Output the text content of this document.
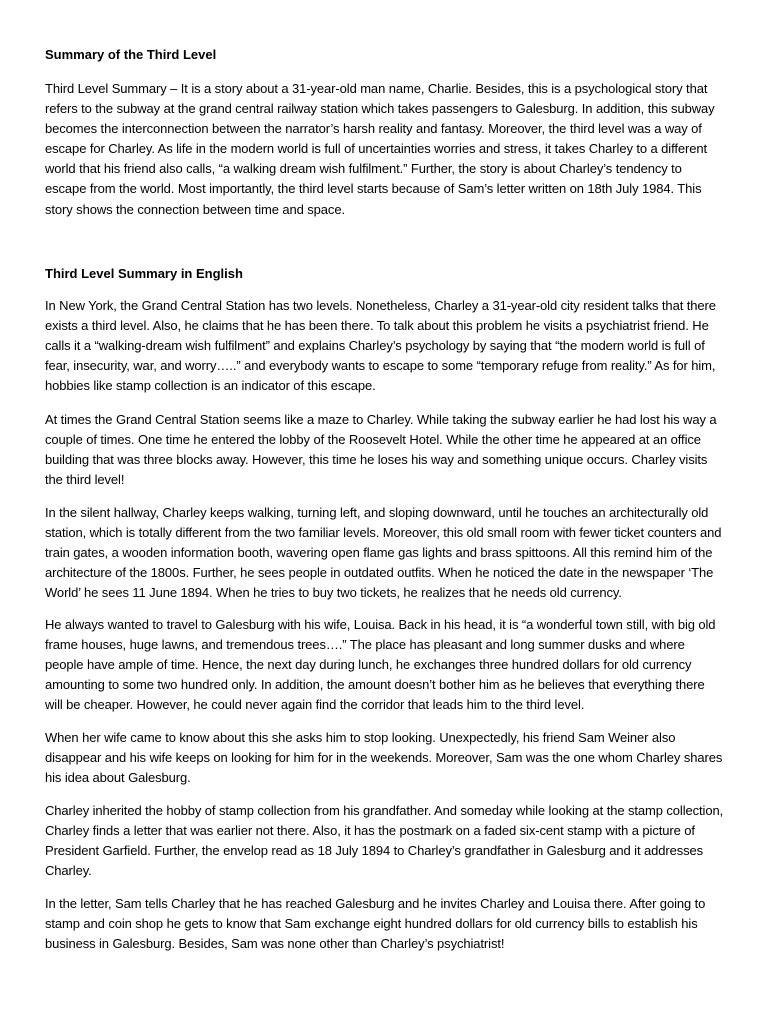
Summary of the Third Level

Third Level Summary – It is a story about a 31-year-old man name, Charlie. Besides, this is a psychological story that refers to the subway at the grand central railway station which takes passengers to Galesburg. In addition, this subway becomes the interconnection between the narrator’s harsh reality and fantasy. Moreover, the third level was a way of escape for Charley. As life in the modern world is full of uncertainties worries and stress, it takes Charley to a different world that his friend also calls, “a walking dream wish fulfilment.” Further, the story is about Charley’s tendency to escape from the world. Most importantly, the third level starts because of Sam’s letter written on 18th July 1984. This story shows the connection between time and space.

Third Level Summary in English

In New York, the Grand Central Station has two levels. Nonetheless, Charley a 31-year-old city resident talks that there exists a third level. Also, he claims that he has been there. To talk about this problem he visits a psychiatrist friend. He calls it a “walking-dream wish fulfilment” and explains Charley’s psychology by saying that “the modern world is full of fear, insecurity, war, and worry…..” and everybody wants to escape to some “temporary refuge from reality.” As for him, hobbies like stamp collection is an indicator of this escape.

At times the Grand Central Station seems like a maze to Charley. While taking the subway earlier he had lost his way a couple of times. One time he entered the lobby of the Roosevelt Hotel. While the other time he appeared at an office building that was three blocks away. However, this time he loses his way and something unique occurs. Charley visits the third level!

In the silent hallway, Charley keeps walking, turning left, and sloping downward, until he touches an architecturally old station, which is totally different from the two familiar levels. Moreover, this old small room with fewer ticket counters and train gates, a wooden information booth, wavering open flame gas lights and brass spittoons. All this remind him of the architecture of the 1800s. Further, he sees people in outdated outfits. When he noticed the date in the newspaper ‘The World’ he sees 11 June 1894. When he tries to buy two tickets, he realizes that he needs old currency.

He always wanted to travel to Galesburg with his wife, Louisa. Back in his head, it is “a wonderful town still, with big old frame houses, huge lawns, and tremendous trees….” The place has pleasant and long summer dusks and where people have ample of time. Hence, the next day during lunch, he exchanges three hundred dollars for old currency amounting to some two hundred only. In addition, the amount doesn’t bother him as he believes that everything there will be cheaper. However, he could never again find the corridor that leads him to the third level.

When her wife came to know about this she asks him to stop looking. Unexpectedly, his friend Sam Weiner also disappear and his wife keeps on looking for him for in the weekends. Moreover, Sam was the one whom Charley shares his idea about Galesburg.

Charley inherited the hobby of stamp collection from his grandfather. And someday while looking at the stamp collection, Charley finds a letter that was earlier not there. Also, it has the postmark on a faded six-cent stamp with a picture of President Garfield. Further, the envelop read as 18 July 1894 to Charley’s grandfather in Galesburg and it addresses Charley.

In the letter, Sam tells Charley that he has reached Galesburg and he invites Charley and Louisa there. After going to stamp and coin shop he gets to know that Sam exchange eight hundred dollars for old currency bills to establish his business in Galesburg. Besides, Sam was none other than Charley’s psychiatrist!
